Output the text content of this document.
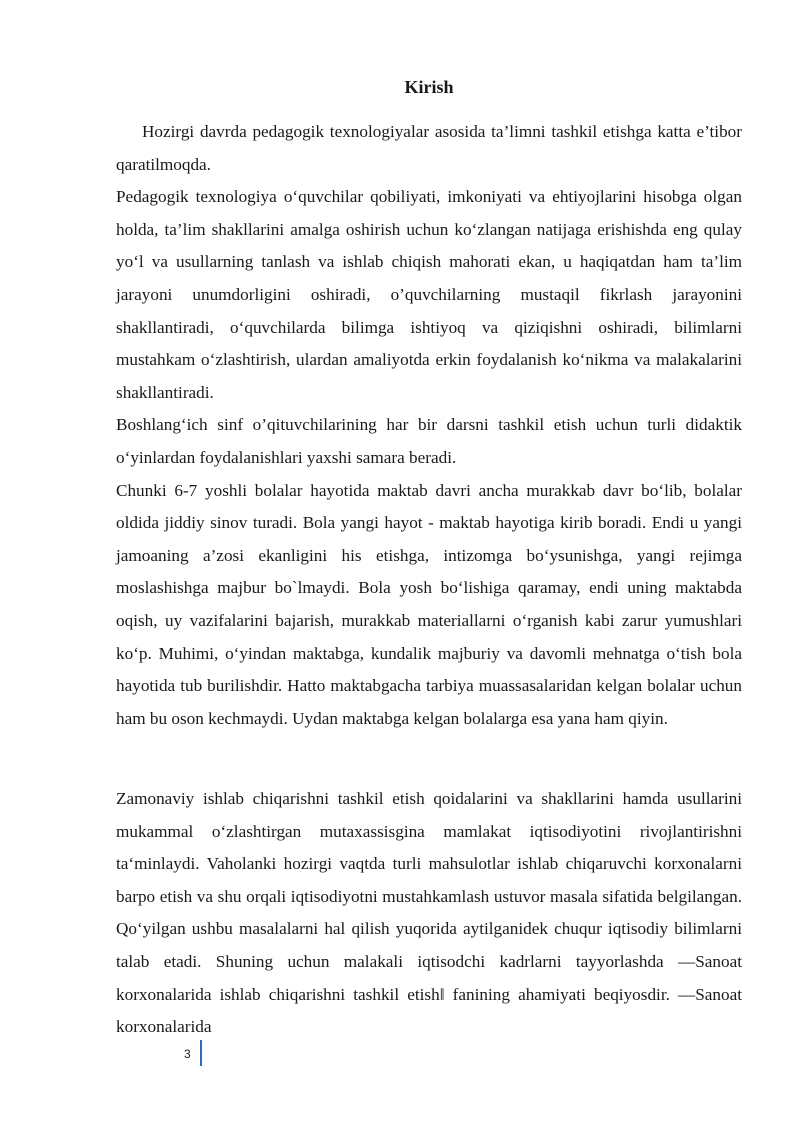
Kirish

Hozirgi davrda pedagogik texnologiyalar asosida ta’limni tashkil etishga katta e’tibor qaratilmoqda.

Pedagogik texnologiya o‘quvchilar qobiliyati, imkoniyati va ehtiyojlarini hisobga olgan holda, ta’lim shakllarini amalga oshirish uchun ko‘zlangan natijaga erishishda eng qulay yo‘l va usullarning tanlash va ishlab chiqish mahorati ekan, u haqiqatdan ham ta’lim jarayoni unumdorligini oshiradi, o’quvchilarning mustaqil fikrlash jarayonini shakllantiradi, o‘quvchilarda bilimga ishtiyoq va qiziqishni oshiradi, bilimlarni mustahkam o‘zlashtirish, ulardan amaliyotda erkin foydalanish ko‘nikma va malakalarini shakllantiradi.

Boshlang‘ich sinf o’qituvchilarining har bir darsni tashkil etish uchun turli didaktik o‘yinlardan foydalanishlari yaxshi samara beradi.

Chunki 6-7 yoshli bolalar hayotida maktab davri ancha murakkab davr bo‘lib, bolalar oldida jiddiy sinov turadi. Bola yangi hayot - maktab hayotiga kirib boradi. Endi u yangi jamoaning a’zosi ekanligini his etishga, intizomga bo‘ysunishga, yangi rejimga moslashishga majbur bo`lmaydi. Bola yosh bo‘lishiga qaramay, endi uning maktabda oqish, uy vazifalarini bajarish, murakkab materiallarni o‘rganish kabi zarur yumushlari ko‘p. Muhimi, o‘yindan maktabga, kundalik majburiy va davomli mehnatga o‘tish bola hayotida tub burilishdir. Hatto maktabgacha tarbiya muassasalaridan kelgan bolalar uchun ham bu oson kechmaydi. Uydan maktabga kelgan bolalarga esa yana ham qiyin.

Zamonaviy ishlab chiqarishni tashkil etish qoidalarini va shakllarini hamda usullarini mukammal o‘zlashtirgan mutaxassisgina mamlakat iqtisodiyotini rivojlantirishni ta‘minlaydi. Vaholanki hozirgi vaqtda turli mahsulotlar ishlab chiqaruvchi korxonalarni barpo etish va shu orqali iqtisodiyotni mustahkamlash ustuvor masala sifatida belgilangan. Qo‘yilgan ushbu masalalarni hal qilish yuqorida aytilganidek chuqur iqtisodiy bilimlarni talab etadi. Shuning uchun malakali iqtisodchi kadrlarni tayyorlashda ―Sanoat korxonalarida ishlab chiqarishni tashkil etish‖ fanining ahamiyati beqiyosdir. ―Sanoat korxonalarida

3
